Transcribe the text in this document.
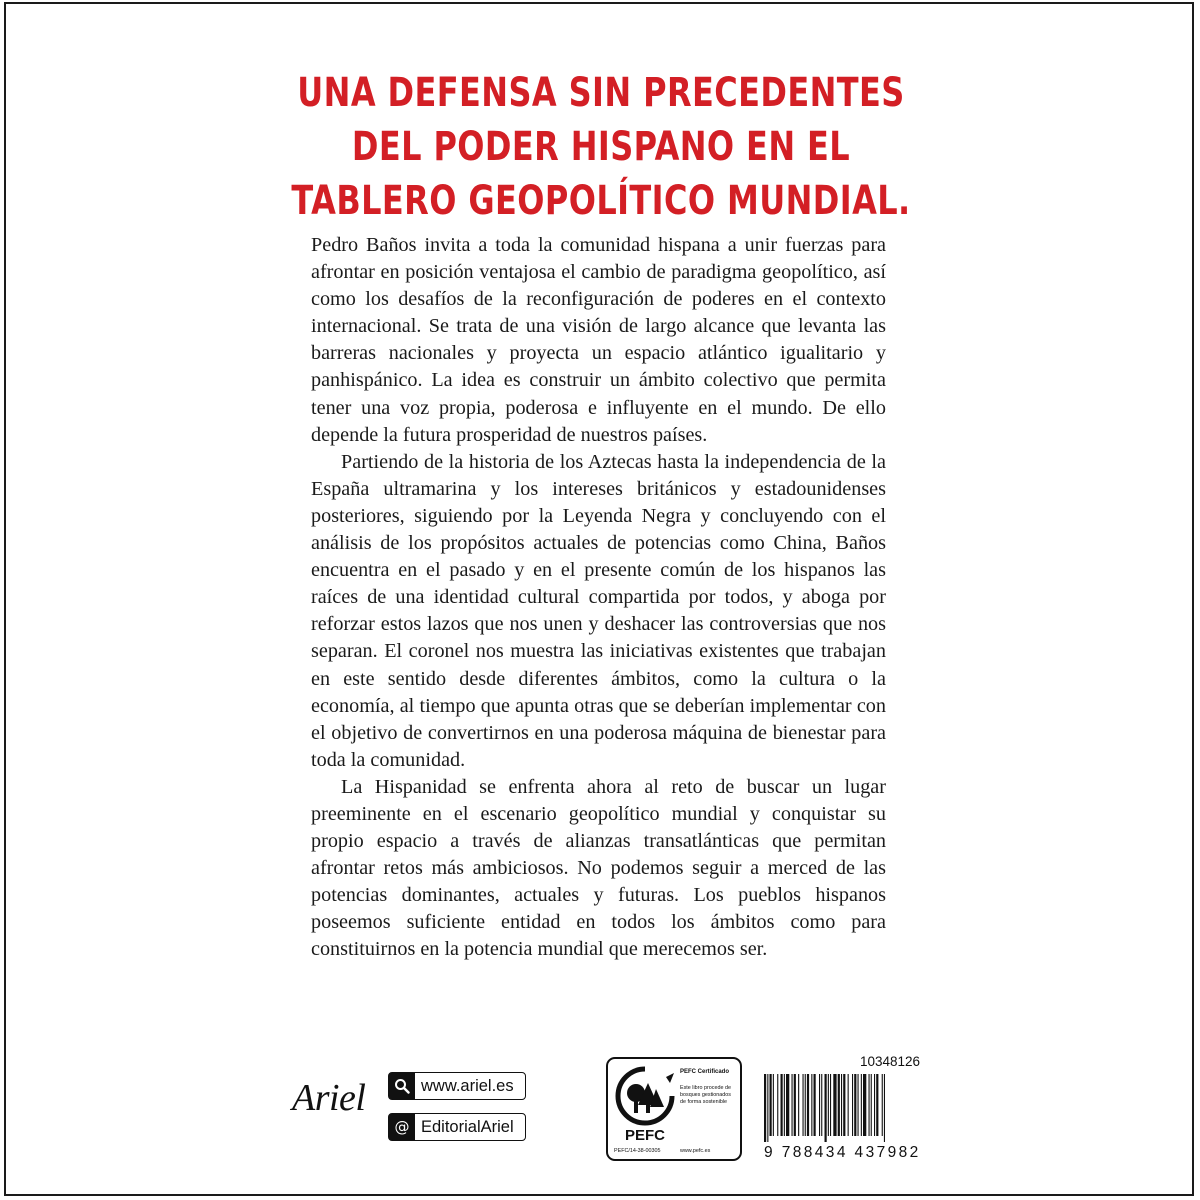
UNA DEFENSA SIN PRECEDENTES
DEL PODER HISPANO EN EL
TABLERO GEOPOLÍTICO MUNDIAL.

Pedro Baños invita a toda la comunidad hispana a unir fuerzas para afrontar en posición ventajosa el cambio de paradigma geopolítico, así como los desafíos de la reconfiguración de poderes en el contexto internacional. Se trata de una visión de largo alcance que levanta las barreras nacionales y proyecta un espacio atlántico igualitario y panhispánico. La idea es construir un ámbito colectivo que permita tener una voz propia, poderosa e influyente en el mundo. De ello depende la futura prosperidad de nuestros países.

Partiendo de la historia de los Aztecas hasta la independencia de la España ultramarina y los intereses británicos y estadounidenses posteriores, siguiendo por la Leyenda Negra y concluyendo con el análisis de los propósitos actuales de potencias como China, Baños encuentra en el pasado y en el presente común de los hispanos las raíces de una identidad cultural compartida por todos, y aboga por reforzar estos lazos que nos unen y deshacer las controversias que nos separan. El coronel nos muestra las iniciativas existentes que trabajan en este sentido desde diferentes ámbitos, como la cultura o la economía, al tiempo que apunta otras que se deberían implementar con el objetivo de convertirnos en una poderosa máquina de bienestar para toda la comunidad.

La Hispanidad se enfrenta ahora al reto de buscar un lugar preeminente en el escenario geopolítico mundial y conquistar su propio espacio a través de alianzas transatlánticas que permitan afrontar retos más ambiciosos. No podemos seguir a merced de las potencias dominantes, actuales y futuras. Los pueblos hispanos poseemos suficiente entidad en todos los ámbitos como para constituirnos en la potencia mundial que merecemos ser.

Ariel	www.ariel.es
@ EditorialAriel	PEFC
PEFC Certificado
Este libro procede de bosques gestionados de forma sostenible
PEFC/14-38-00305	www.pefc.es
10348126
9 788434 437982
